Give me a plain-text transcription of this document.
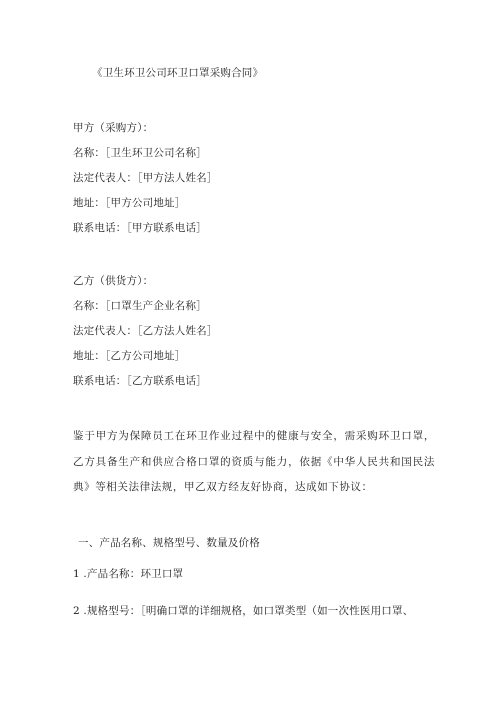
《卫生环卫公司环卫口罩采购合同》
甲方（采购方）：
名称：［卫生环卫公司名称］
法定代表人：［甲方法人姓名］
地址：［甲方公司地址］
联系电话：［甲方联系电话］
乙方（供货方）：
名称：［口罩生产企业名称］
法定代表人：［乙方法人姓名］
地址：［乙方公司地址］
联系电话：［乙方联系电话］
鉴于甲方为保障员工在环卫作业过程中的健康与安全，需采购环卫口罩，乙方具备生产和供应合格口罩的资质与能力，依据《中华人民共和国民法典》等相关法律法规，甲乙双方经友好协商，达成如下协议：
一、产品名称、规格型号、数量及价格
1 .产品名称：环卫口罩
2 .规格型号：［明确口罩的详细规格，如口罩类型（如一次性医用口罩、
